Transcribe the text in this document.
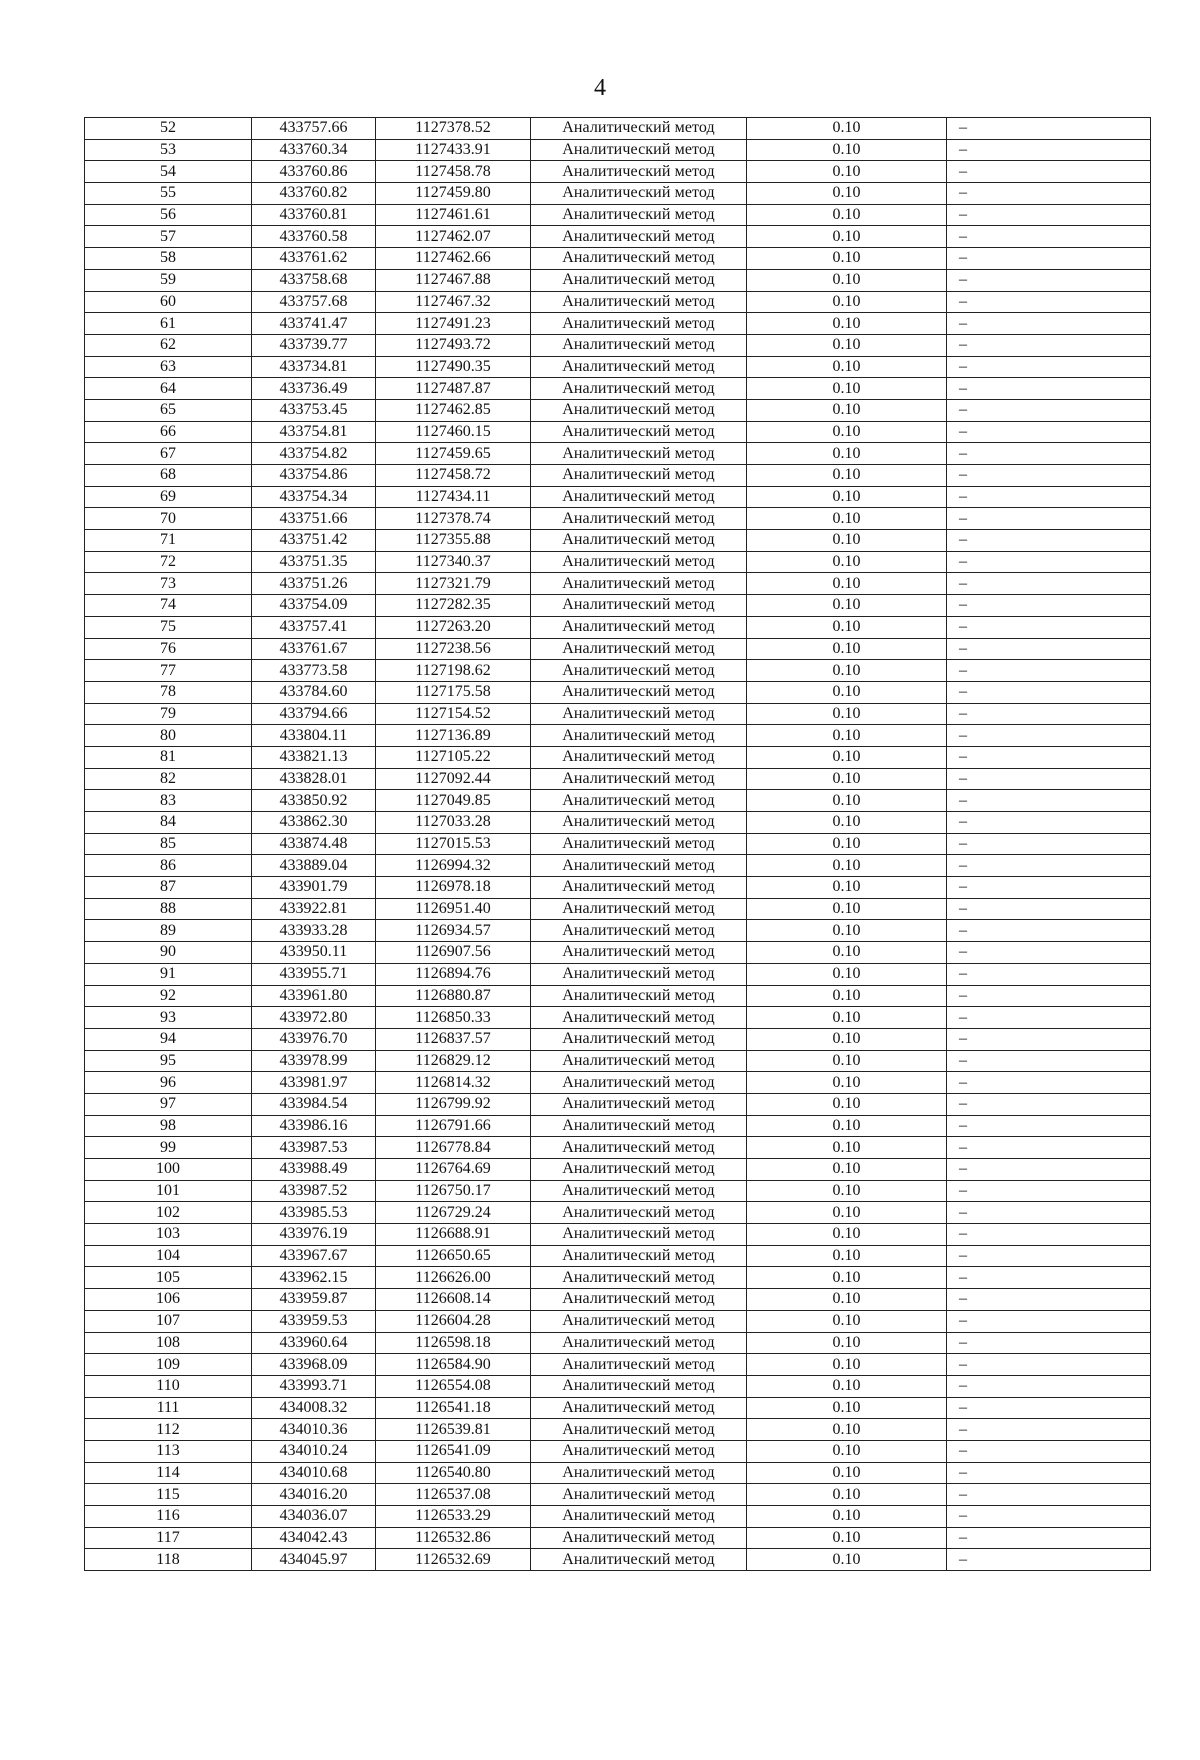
4
52	433757.66	1127378.52	Аналитический метод	0.10	–
53	433760.34	1127433.91	Аналитический метод	0.10	–
54	433760.86	1127458.78	Аналитический метод	0.10	–
55	433760.82	1127459.80	Аналитический метод	0.10	–
56	433760.81	1127461.61	Аналитический метод	0.10	–
57	433760.58	1127462.07	Аналитический метод	0.10	–
58	433761.62	1127462.66	Аналитический метод	0.10	–
59	433758.68	1127467.88	Аналитический метод	0.10	–
60	433757.68	1127467.32	Аналитический метод	0.10	–
61	433741.47	1127491.23	Аналитический метод	0.10	–
62	433739.77	1127493.72	Аналитический метод	0.10	–
63	433734.81	1127490.35	Аналитический метод	0.10	–
64	433736.49	1127487.87	Аналитический метод	0.10	–
65	433753.45	1127462.85	Аналитический метод	0.10	–
66	433754.81	1127460.15	Аналитический метод	0.10	–
67	433754.82	1127459.65	Аналитический метод	0.10	–
68	433754.86	1127458.72	Аналитический метод	0.10	–
69	433754.34	1127434.11	Аналитический метод	0.10	–
70	433751.66	1127378.74	Аналитический метод	0.10	–
71	433751.42	1127355.88	Аналитический метод	0.10	–
72	433751.35	1127340.37	Аналитический метод	0.10	–
73	433751.26	1127321.79	Аналитический метод	0.10	–
74	433754.09	1127282.35	Аналитический метод	0.10	–
75	433757.41	1127263.20	Аналитический метод	0.10	–
76	433761.67	1127238.56	Аналитический метод	0.10	–
77	433773.58	1127198.62	Аналитический метод	0.10	–
78	433784.60	1127175.58	Аналитический метод	0.10	–
79	433794.66	1127154.52	Аналитический метод	0.10	–
80	433804.11	1127136.89	Аналитический метод	0.10	–
81	433821.13	1127105.22	Аналитический метод	0.10	–
82	433828.01	1127092.44	Аналитический метод	0.10	–
83	433850.92	1127049.85	Аналитический метод	0.10	–
84	433862.30	1127033.28	Аналитический метод	0.10	–
85	433874.48	1127015.53	Аналитический метод	0.10	–
86	433889.04	1126994.32	Аналитический метод	0.10	–
87	433901.79	1126978.18	Аналитический метод	0.10	–
88	433922.81	1126951.40	Аналитический метод	0.10	–
89	433933.28	1126934.57	Аналитический метод	0.10	–
90	433950.11	1126907.56	Аналитический метод	0.10	–
91	433955.71	1126894.76	Аналитический метод	0.10	–
92	433961.80	1126880.87	Аналитический метод	0.10	–
93	433972.80	1126850.33	Аналитический метод	0.10	–
94	433976.70	1126837.57	Аналитический метод	0.10	–
95	433978.99	1126829.12	Аналитический метод	0.10	–
96	433981.97	1126814.32	Аналитический метод	0.10	–
97	433984.54	1126799.92	Аналитический метод	0.10	–
98	433986.16	1126791.66	Аналитический метод	0.10	–
99	433987.53	1126778.84	Аналитический метод	0.10	–
100	433988.49	1126764.69	Аналитический метод	0.10	–
101	433987.52	1126750.17	Аналитический метод	0.10	–
102	433985.53	1126729.24	Аналитический метод	0.10	–
103	433976.19	1126688.91	Аналитический метод	0.10	–
104	433967.67	1126650.65	Аналитический метод	0.10	–
105	433962.15	1126626.00	Аналитический метод	0.10	–
106	433959.87	1126608.14	Аналитический метод	0.10	–
107	433959.53	1126604.28	Аналитический метод	0.10	–
108	433960.64	1126598.18	Аналитический метод	0.10	–
109	433968.09	1126584.90	Аналитический метод	0.10	–
110	433993.71	1126554.08	Аналитический метод	0.10	–
111	434008.32	1126541.18	Аналитический метод	0.10	–
112	434010.36	1126539.81	Аналитический метод	0.10	–
113	434010.24	1126541.09	Аналитический метод	0.10	–
114	434010.68	1126540.80	Аналитический метод	0.10	–
115	434016.20	1126537.08	Аналитический метод	0.10	–
116	434036.07	1126533.29	Аналитический метод	0.10	–
117	434042.43	1126532.86	Аналитический метод	0.10	–
118	434045.97	1126532.69	Аналитический метод	0.10	–
